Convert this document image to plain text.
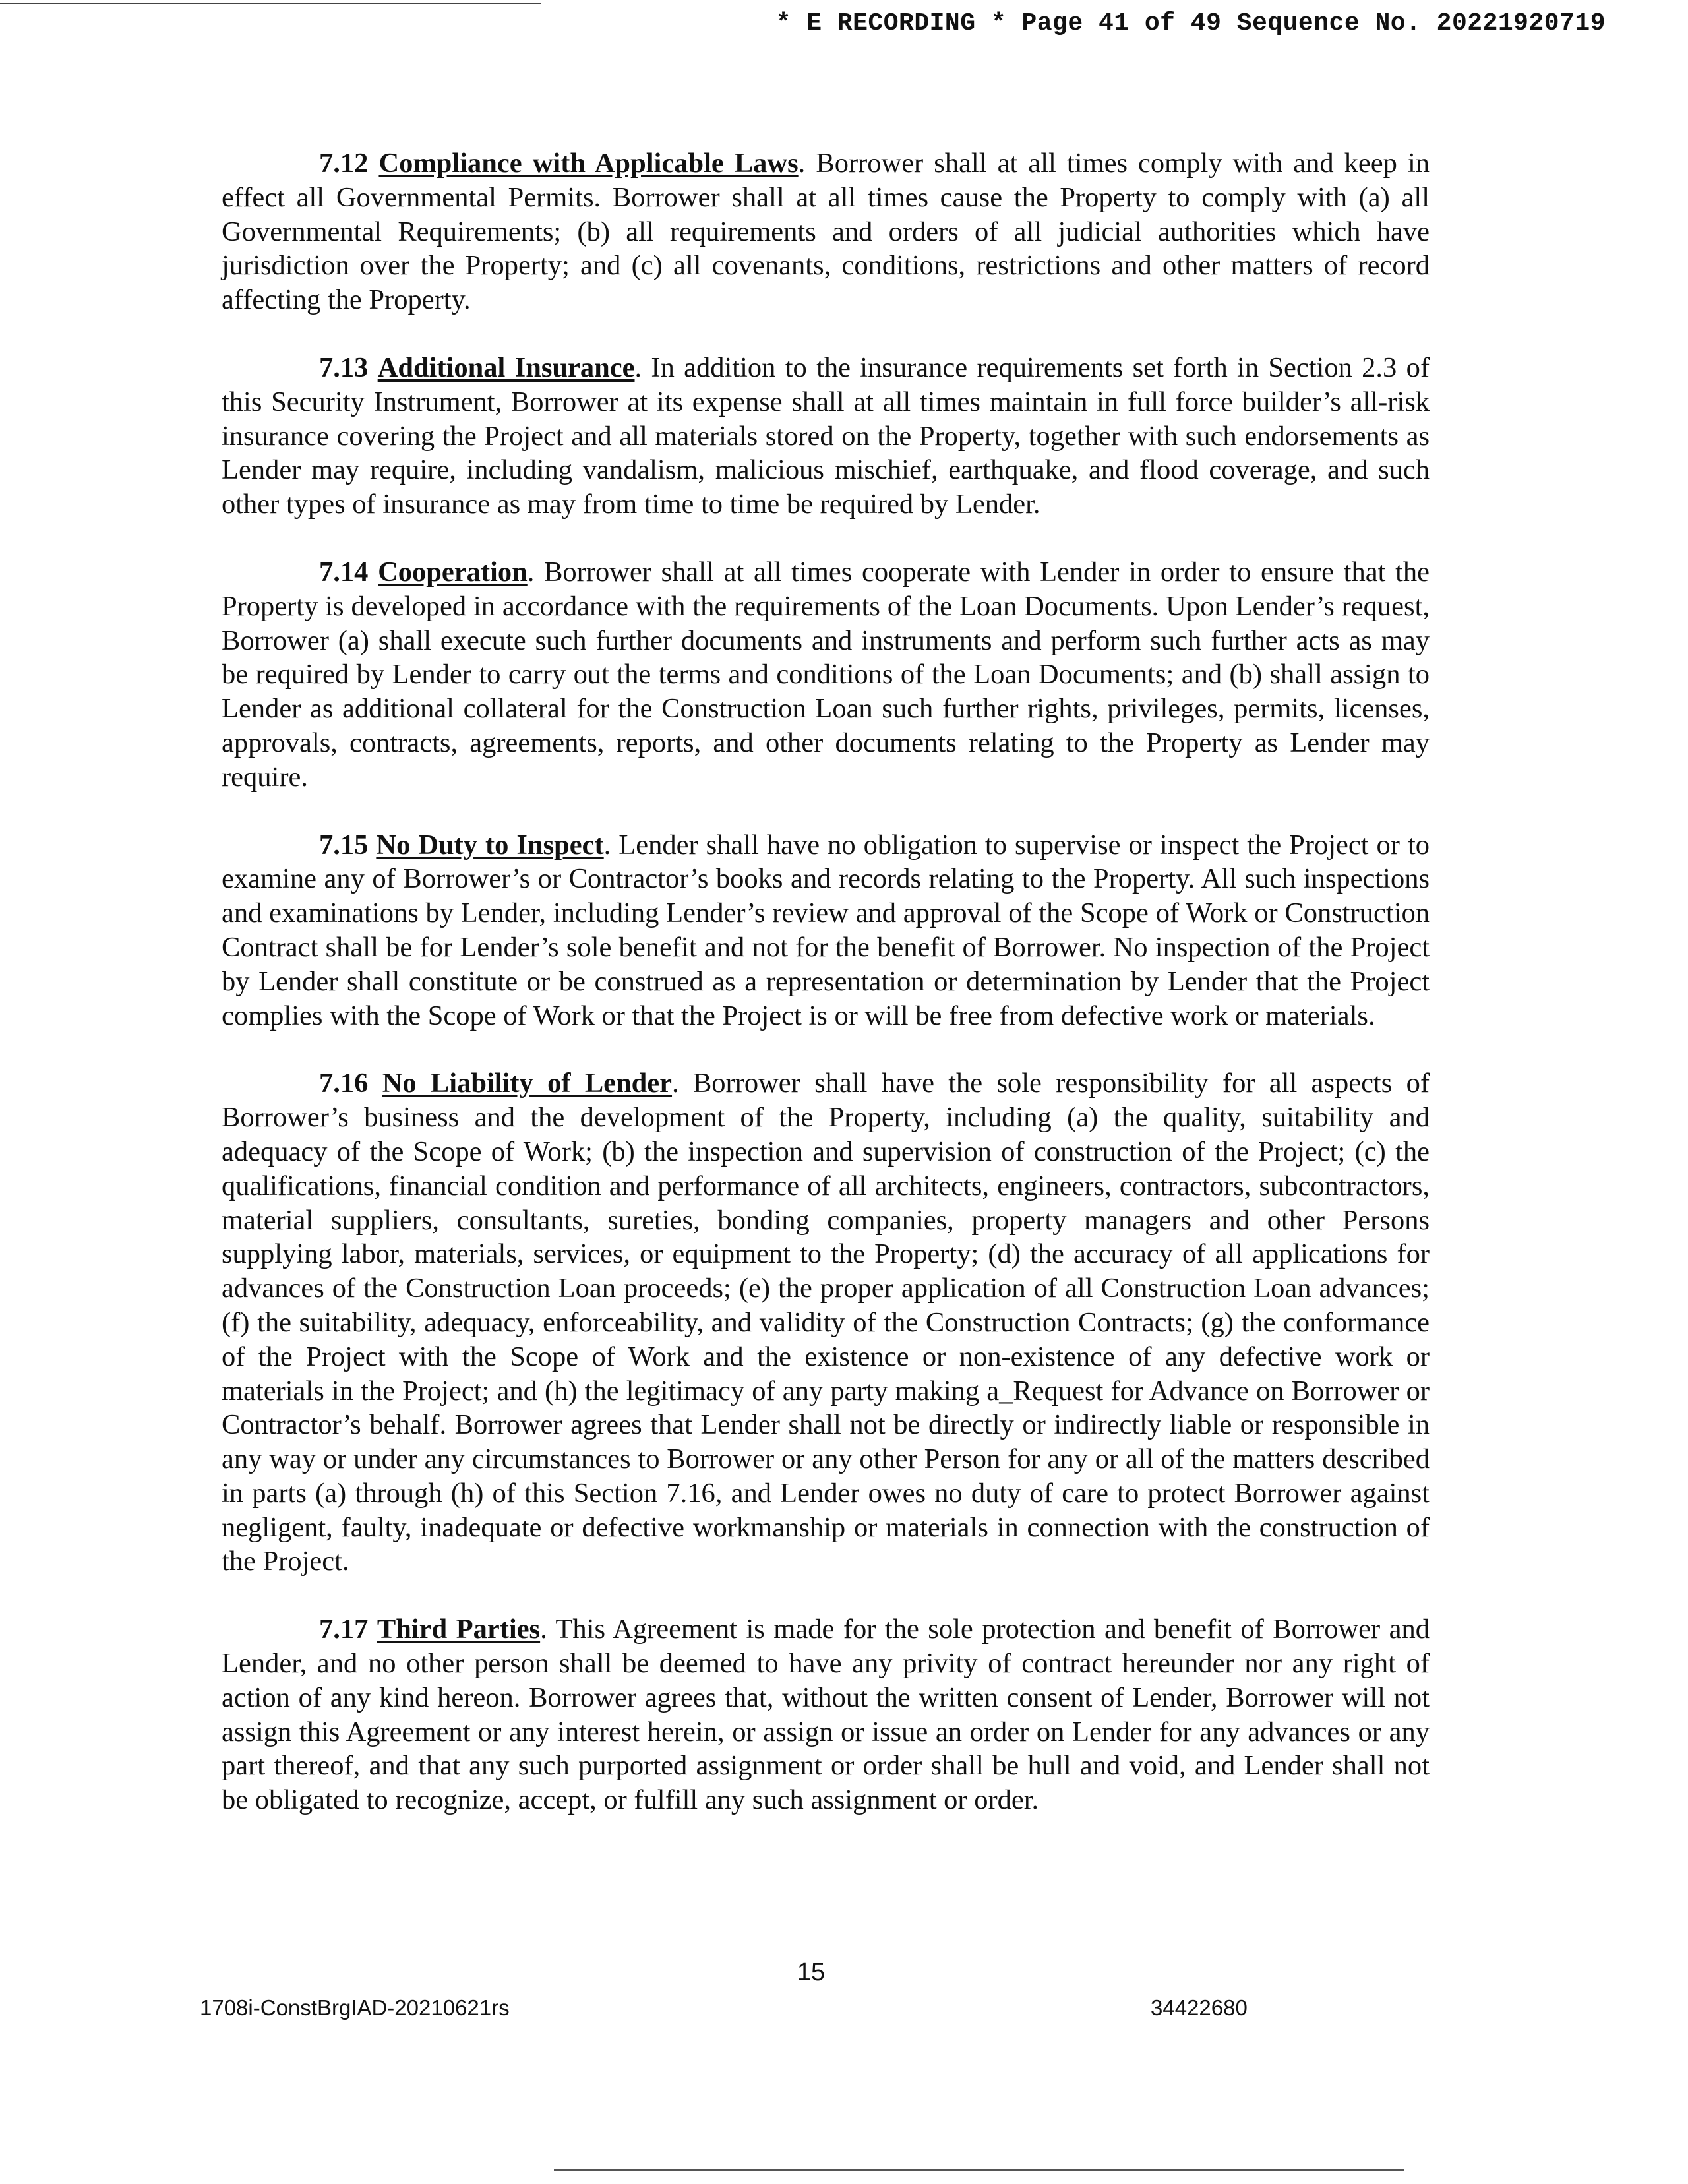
* E RECORDING * Page 41 of 49 Sequence No. 20221920719

7.12 Compliance with Applicable Laws. Borrower shall at all times comply with and keep in effect all Governmental Permits. Borrower shall at all times cause the Property to comply with (a) all Governmental Requirements; (b) all requirements and orders of all judicial authorities which have jurisdiction over the Property; and (c) all covenants, conditions, restrictions and other matters of record affecting the Property.

7.13 Additional Insurance. In addition to the insurance requirements set forth in Section 2.3 of this Security Instrument, Borrower at its expense shall at all times maintain in full force builder’s all-risk insurance covering the Project and all materials stored on the Property, together with such endorsements as Lender may require, including vandalism, malicious mischief, earthquake, and flood coverage, and such other types of insurance as may from time to time be required by Lender.

7.14 Cooperation. Borrower shall at all times cooperate with Lender in order to ensure that the Property is developed in accordance with the requirements of the Loan Documents. Upon Lender’s request, Borrower (a) shall execute such further documents and instruments and perform such further acts as may be required by Lender to carry out the terms and conditions of the Loan Documents; and (b) shall assign to Lender as additional collateral for the Construction Loan such further rights, privileges, permits, licenses, approvals, contracts, agreements, reports, and other documents relating to the Property as Lender may require.

7.15 No Duty to Inspect. Lender shall have no obligation to supervise or inspect the Project or to examine any of Borrower’s or Contractor’s books and records relating to the Property. All such inspections and examinations by Lender, including Lender’s review and approval of the Scope of Work or Construction Contract shall be for Lender’s sole benefit and not for the benefit of Borrower. No inspection of the Project by Lender shall constitute or be construed as a representation or determination by Lender that the Project complies with the Scope of Work or that the Project is or will be free from defective work or materials.

7.16 No Liability of Lender. Borrower shall have the sole responsibility for all aspects of Borrower’s business and the development of the Property, including (a) the quality, suitability and adequacy of the Scope of Work; (b) the inspection and supervision of construction of the Project; (c) the qualifications, financial condition and performance of all architects, engineers, contractors, subcontractors, material suppliers, consultants, sureties, bonding companies, property managers and other Persons supplying labor, materials, services, or equipment to the Property; (d) the accuracy of all applications for advances of the Construction Loan proceeds; (e) the proper application of all Construction Loan advances; (f) the suitability, adequacy, enforceability, and validity of the Construction Contracts; (g) the conformance of the Project with the Scope of Work and the existence or non-existence of any defective work or materials in the Project; and (h) the legitimacy of any party making a_Request for Advance on Borrower or Contractor’s behalf. Borrower agrees that Lender shall not be directly or indirectly liable or responsible in any way or under any circumstances to Borrower or any other Person for any or all of the matters described in parts (a) through (h) of this Section 7.16, and Lender owes no duty of care to protect Borrower against negligent, faulty, inadequate or defective workmanship or materials in connection with the construction of the Project.

7.17 Third Parties. This Agreement is made for the sole protection and benefit of Borrower and Lender, and no other person shall be deemed to have any privity of contract hereunder nor any right of action of any kind hereon. Borrower agrees that, without the written consent of Lender, Borrower will not assign this Agreement or any interest herein, or assign or issue an order on Lender for any advances or any part thereof, and that any such purported assignment or order shall be hull and void, and Lender shall not be obligated to recognize, accept, or fulfill any such assignment or order.

15
1708i-ConstBrgIAD-20210621rs	34422680
